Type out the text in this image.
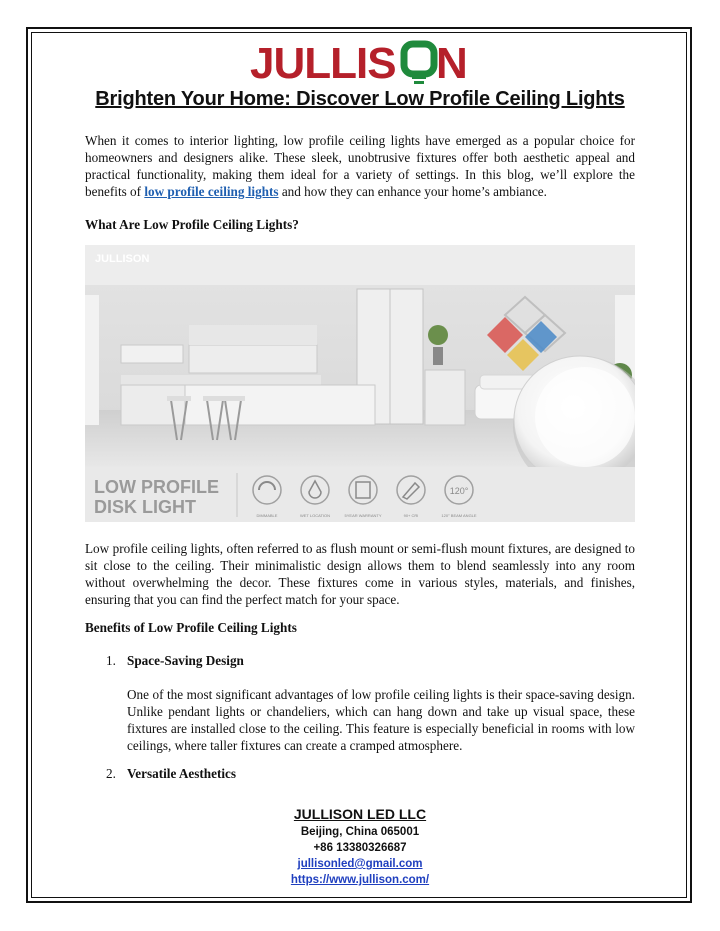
JULLIS N
Brighten Your Home: Discover Low Profile Ceiling Lights

When it comes to interior lighting, low profile ceiling lights have emerged as a popular choice for homeowners and designers alike. These sleek, unobtrusive fixtures offer both aesthetic appeal and practical functionality, making them ideal for a variety of settings. In this blog, we’ll explore the benefits of low profile ceiling lights and how they can enhance your home’s ambiance.

What Are Low Profile Ceiling Lights?
JULLISON
LOW PROFILE
DISK LIGHT	DIMMABLE	WET LOCATION	5YEAR WARRANTY	90+ CRI
120°
120° BEAM ANGLE

Low profile ceiling lights, often referred to as flush mount or semi-flush mount fixtures, are designed to sit close to the ceiling. Their minimalistic design allows them to blend seamlessly into any room without overwhelming the decor. These fixtures come in various styles, materials, and finishes, ensuring that you can find the perfect match for your space.

Benefits of Low Profile Ceiling Lights
1. Space-Saving Design

One of the most significant advantages of low profile ceiling lights is their space-saving design. Unlike pendant lights or chandeliers, which can hang down and take up visual space, these fixtures are installed close to the ceiling. This feature is especially beneficial in rooms with low ceilings, where taller fixtures can create a cramped atmosphere.

2. Versatile Aesthetics
JULLISON LED LLC
Beijing, China 065001
+86 13380326687
jullisonled@gmail.com
https://www.jullison.com/
